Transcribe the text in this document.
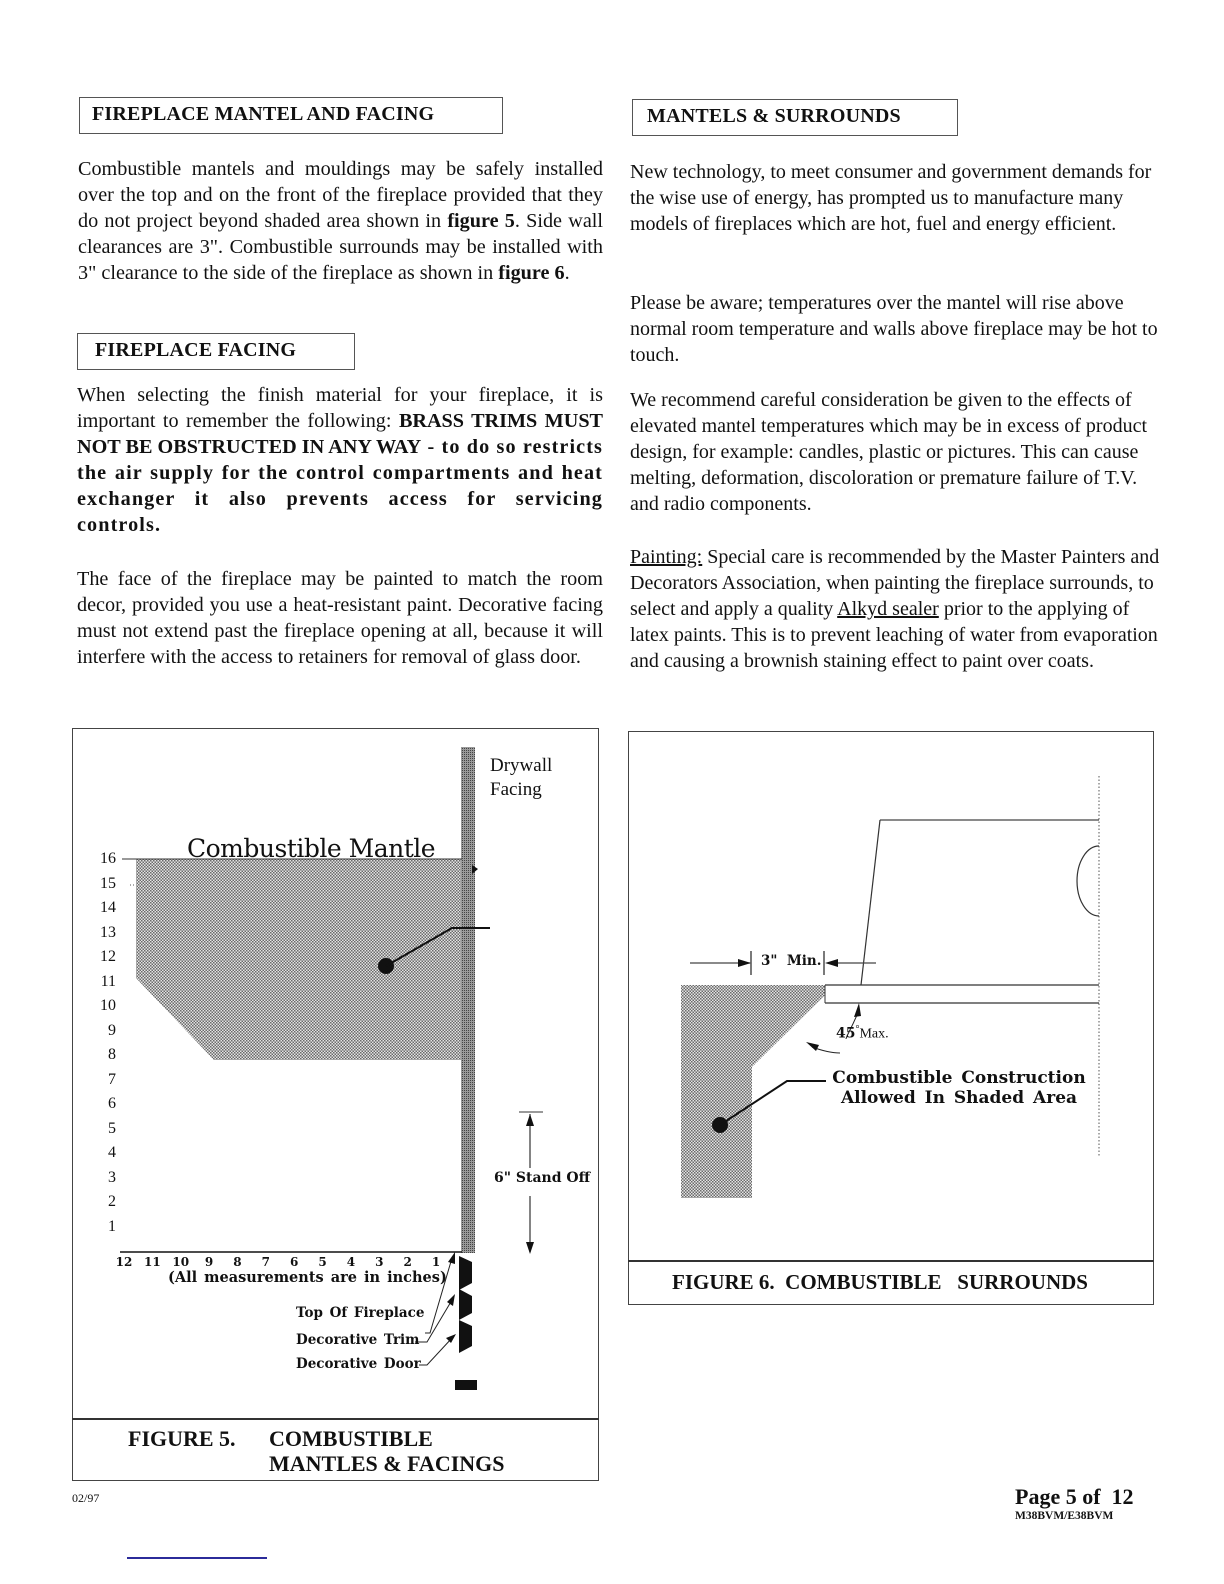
FIREPLACE MANTEL AND FACING

Combustible mantels and mouldings may be safely installed over the top and on the front of the fireplace provided that they do not project beyond shaded area shown in figure 5. Side wall clearances are 3". Combustible surrounds may be installed with 3" clearance to the side of the fireplace as shown in figure 6.

FIREPLACE FACING

When selecting the finish material for your fireplace, it is important to remember the following: BRASS TRIMS MUST NOT BE OBSTRUCTED IN ANY WAY - to do so restricts the air supply for the control compartments and heat exchanger it also prevents access for servicing controls.

The face of the fireplace may be painted to match the room decor, provided you use a heat-resistant paint. Decorative facing must not extend past the fireplace opening at all, because it will interfere with the access to retainers for removal of glass door.

MANTELS & SURROUNDS

New technology, to meet consumer and government demands for the wise use of energy, has prompted us to manufacture many models of fireplaces which are hot, fuel and energy efficient.

Please be aware; temperatures over the mantel will rise above normal room temperature and walls above fireplace may be hot to touch.

We recommend careful consideration be given to the effects of elevated mantel temperatures which may be in excess of product design, for example: candles, plastic or pictures. This can cause melting, deformation, discoloration or premature failure of T.V. and radio components.

Painting: Special care is recommended by the Master Painters and Decorators Association, when painting the fireplace surrounds, to select and apply a quality Alkyd sealer prior to the applying of latex paints. This is to prevent leaching of water from evaporation and causing a brownish staining effect to paint over coats.

Combustible Mantle
Drywall
Facing
6" Stand Off
16
15
14
13
12
11
10
9
8
7
6
5
4
3
2
1
12 11 10 9 8 7 6 5 4 3 2 1
(All measurements are in inches)
Top Of Fireplace
Decorative Trim
Decorative Door
FIGURE 5. COMBUSTIBLE
MANTLES & FACINGS
3"  Min.
45°Max.
Combustible Construction
Allowed In Shaded Area
FIGURE 6.  COMBUSTIBLE   SURROUNDS
02/97	Page 5 of  12
M38BVM/E38BVM
